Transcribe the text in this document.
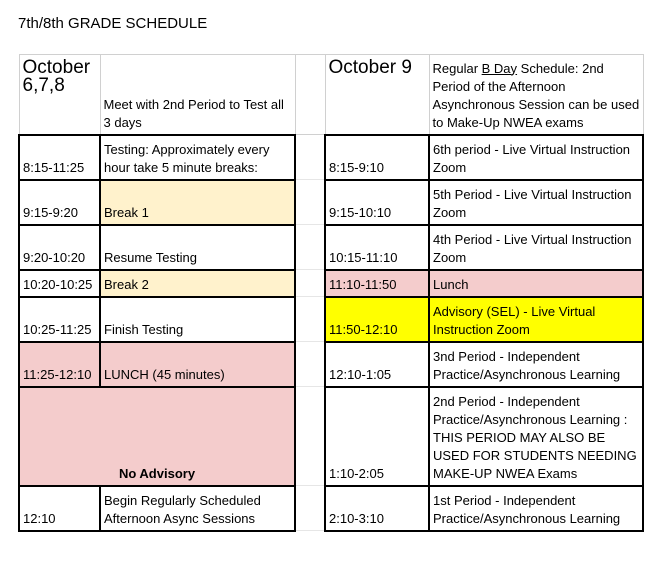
7th/8th GRADE SCHEDULE
October 6,7,8	Meet with 2nd Period to Test all 3 days		October 9	Regular B Day Schedule: 2nd Period of the Afternoon Asynchronous Session can be used to Make-Up NWEA exams
8:15-11:25	Testing: Approximately every hour take 5 minute breaks:		8:15-9:10	6th period - Live Virtual Instruction Zoom
9:15-9:20	Break 1		9:15-10:10	5th Period - Live Virtual Instruction Zoom
9:20-10:20	Resume Testing		10:15-11:10	4th Period - Live Virtual Instruction Zoom
10:20-10:25	Break 2		11:10-11:50	Lunch
10:25-11:25	Finish Testing		11:50-12:10	Advisory (SEL) - Live Virtual Instruction Zoom
11:25-12:10	LUNCH (45 minutes)		12:10-1:05	3nd Period - Independent Practice/Asynchronous Learning
No Advisory			1:10-2:05	2nd Period - Independent Practice/Asynchronous Learning : THIS PERIOD MAY ALSO BE USED FOR STUDENTS NEEDING MAKE-UP NWEA Exams
12:10	Begin Regularly Scheduled Afternoon Async Sessions		2:10-3:10	1st Period - Independent Practice/Asynchronous Learning
